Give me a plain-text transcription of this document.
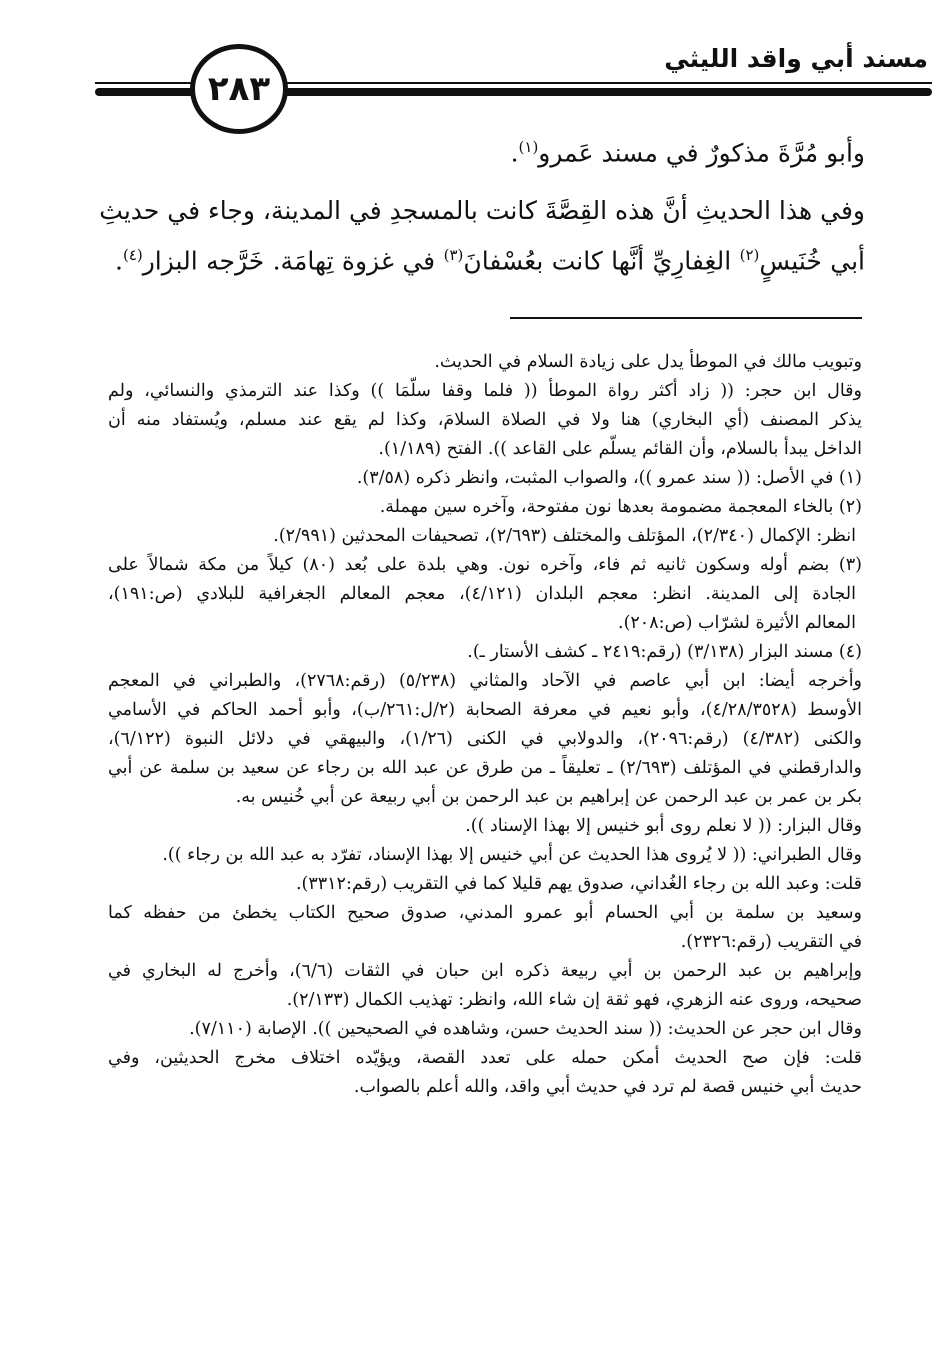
مسند أبي واقد الليثي
٢٨٣
وأبو مُرَّةَ مذكورٌ في مسند عَمرو$^{(١)}$.
وفي هذا الحديثِ أنَّ هذه القِصَّةَ كانت بالمسجدِ في المدينة، وجاء في حديثِ
أبي خُنَيسٍ$^{(٢)}$ الغِفارِيِّ أنَّها كانت بعُسْفانَ$^{(٣)}$ في غزوة تِهامَة. خَرَّجه البزار$^{(٤)}$.
وتبويب مالك في الموطأ يدل على زيادة السلام في الحديث.
وقال ابن حجر: (( زاد أكثر رواة الموطأ (( فلما وقفا سلّمَا )) وكذا عند الترمذي والنسائي، ولم
يذكر المصنف (أي البخاري) هنا ولا في الصلاة السلامَ، وكذا لم يقع عند مسلم، ويُستفاد منه أن
الداخل يبدأ بالسلام، وأن القائم يسلّم على القاعد )). الفتح (١/١٨٩).
(١) في الأصل: (( سند عمرو ))، والصواب المثبت، وانظر ذكره (٣/٥٨).
(٢) بالخاء المعجمة مضمومة بعدها نون مفتوحة، وآخره سين مهملة.
انظر: الإكمال (٢/٣٤٠)، المؤتلف والمختلف (٢/٦٩٣)، تصحيفات المحدثين (٢/٩٩١).
(٣) بضم أوله وسكون ثانيه ثم فاء، وآخره نون. وهي بلدة على بُعد (٨٠) كيلاً من مكة شمالاً على
الجادة إلى المدينة. انظر: معجم البلدان (٤/١٢١)، معجم المعالم الجغرافية للبلادي (ص:١٩١)،
المعالم الأثيرة لشرّاب (ص:٢٠٨).
(٤) مسند البزار (٣/١٣٨) (رقم:٢٤١٩ ـ كشف الأستار ـ).
وأخرجه أيضا: ابن أبي عاصم في الآحاد والمثاني (٥/٢٣٨) (رقم:٢٧٦٨)، والطبراني في المعجم
الأوسط (٤/٢٨/٣٥٢٨)، وأبو نعيم في معرفة الصحابة (٢/ل:٢٦١/ب)، وأبو أحمد الحاكم في الأسامي
والكنى (٤/٣٨٢) (رقم:٢٠٩٦)، والدولابي في الكنى (١/٢٦)، والبيهقي في دلائل النبوة (٦/١٢٢)،
والدارقطني في المؤتلف (٢/٦٩٣) ـ تعليقاً ـ من طرق عن عبد الله بن رجاء عن سعيد بن سلمة عن أبي
بكر بن عمر بن عبد الرحمن عن إبراهيم بن عبد الرحمن بن أبي ربيعة عن أبي خُنيس به.
وقال البزار: (( لا نعلم روى أبو خنيس إلا بهذا الإسناد )).
وقال الطبراني: (( لا يُروى هذا الحديث عن أبي خنيس إلا بهذا الإسناد، تفرّد به عبد الله بن رجاء )).
قلت: وعبد الله بن رجاء الغُداني، صدوق يهم قليلا كما في التقريب (رقم:٣٣١٢).
وسعيد بن سلمة بن أبي الحسام أبو عمرو المدني، صدوق صحيح الكتاب يخطئ من حفظه كما
في التقريب (رقم:٢٣٢٦).
وإبراهيم بن عبد الرحمن بن أبي ربيعة ذكره ابن حبان في الثقات (٦/٦)، وأخرج له البخاري في
صحيحه، وروى عنه الزهري، فهو ثقة إن شاء الله، وانظر: تهذيب الكمال (٢/١٣٣).
وقال ابن حجر عن الحديث: (( سند الحديث حسن، وشاهده في الصحيحين )). الإصابة (٧/١١٠).
قلت: فإن صح الحديث أمكن حمله على تعدد القصة، ويؤيّده اختلاف مخرج الحديثين، وفي
حديث أبي خنيس قصة لم ترد في حديث أبي واقد، والله أعلم بالصواب.
